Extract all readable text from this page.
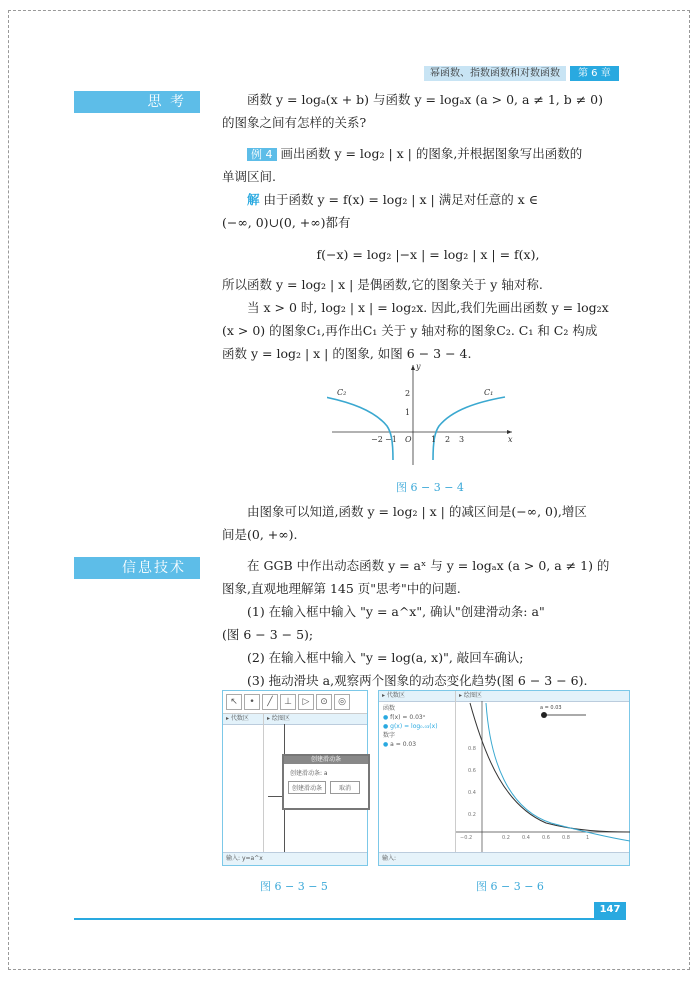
幂函数、指数函数和对数函数	第 6 章
思 考	函数 y = logₐ(x + b) 与函数 y = logₐx (a > 0, a ≠ 1, b ≠ 0)
的图象之间有怎样的关系?
例 4 画出函数 y = log₂ | x | 的图象,并根据图象写出函数的
单调区间.
解 由于函数 y = f(x) = log₂ | x | 满足对任意的 x ∈
(−∞, 0)∪(0, +∞)都有
f(−x) = log₂ |−x | = log₂ | x | = f(x),
所以函数 y = log₂ | x | 是偶函数,它的图象关于 y 轴对称.
当 x > 0 时, log₂ | x | = log₂x. 因此,我们先画出函数 y = log₂x
(x > 0) 的图象C₁,再作出C₁ 关于 y 轴对称的图象C₂. C₁ 和 C₂ 构成
函数 y = log₂ | x | 的图象, 如图 6 − 3 − 4.
C₂	C₁
y
x
O
2
1
−2 −1	1 2 3
图 6 − 3 − 4
由图象可以知道,函数 y = log₂ | x | 的减区间是(−∞, 0),增区
间是(0, +∞).
信息技术	在 GGB 中作出动态函数 y = aˣ 与 y = logₐx (a > 0, a ≠ 1) 的
图象,直观地理解第 145 页"思考"中的问题.
(1) 在输入框中输入 "y = a^x", 确认"创建滑动条: a"
(图 6 − 3 − 5);
(2) 在输入框中输入 "y = log(a, x)", 敲回车确认;
(3) 拖动滑块 a,观察两个图象的动态变化趋势(图 6 − 3 − 6).
↖	•	╱	⊥	▷	⊙	◎
▸ 代数区	▸ 绘图区
创建滑动条
创建滑动条: a
创建滑动条	取消
输入: y=a^x
图 6 − 3 − 5
▸ 代数区
函数
● f(x) = 0.03ˣ
● g(x) = log₀.₀₃(x)
数字
● a = 0.03
▸ 绘图区
0.2
0.4
0.6
0.8
−0.2	0.2 0.4 0.6 0.8	1
a = 0.03
输入:
图 6 − 3 − 6
147
